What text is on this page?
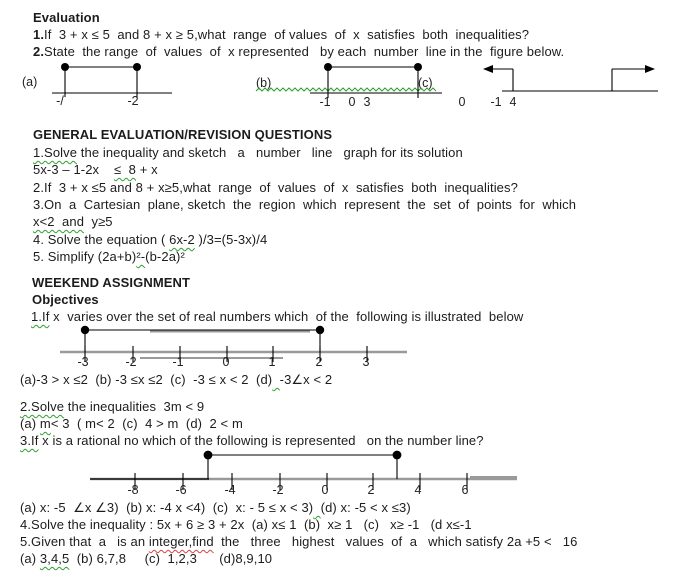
Evaluation
1.If  3 + x ≤ 5  and 8 + x ≥ 5,what  range  of values  of  x  satisfies  both  inequalities?
2.State  the range  of  values  of  x represented   by each  number  line in the  figure below.
(a)
-/	-2
(b)	(c)
-1 0 3	0 -1 4
GENERAL EVALUATION/REVISION QUESTIONS
1.Solve the inequality and sketch   a   number   line   graph for its solution
5x-3 – 1-2x    ≤  8 + x
2.If  3 + x ≤5 and 8 + x≥5,what  range  of  values  of  x  satisfies  both  inequalities?
3.On  a  Cartesian  plane, sketch  the  region  which  represent  the  set  of  points  for  which
x<2  and  y≥5
4. Solve the equation ( 6x-2 )/3=(5-3x)/4
5. Simplify (2a+b)²-(b-2a)²
WEEKEND ASSIGNMENT
Objectives
1.If x  varies over the set of real numbers which  of the  following is illustrated  below
-3	-2	-1	0	1	2	3
(a)-3 > x ≤2  (b) -3 ≤x ≤2  (c)  -3 ≤ x < 2  (d) -3∠x < 2
2.Solve the inequalities  3m < 9
(a) m< 3  ( m< 2  (c)  4 > m  (d)  2 < m
3.If x is a rational no which of the following is represented   on the number line?
-8	-6	-4	-2	0	2	4	6
(a) x: -5  ∠x ∠3)  (b) x: -4 x <4)  (c)  x: - 5 ≤ x < 3) (d) x: -5 < x ≤3)
4.Solve the inequality : 5x + 6 ≥ 3 + 2x  (a) x≤ 1  (b)  x≥ 1   (c)   x≥ -1   (d x≤-1
5.Given that  a   is an integer,find  the   three   highest   values  of  a   which satisfy 2a +5 <   16
(a) 3,4,5  (b) 6,7,8     (c)  1,2,3      (d)8,9,10
